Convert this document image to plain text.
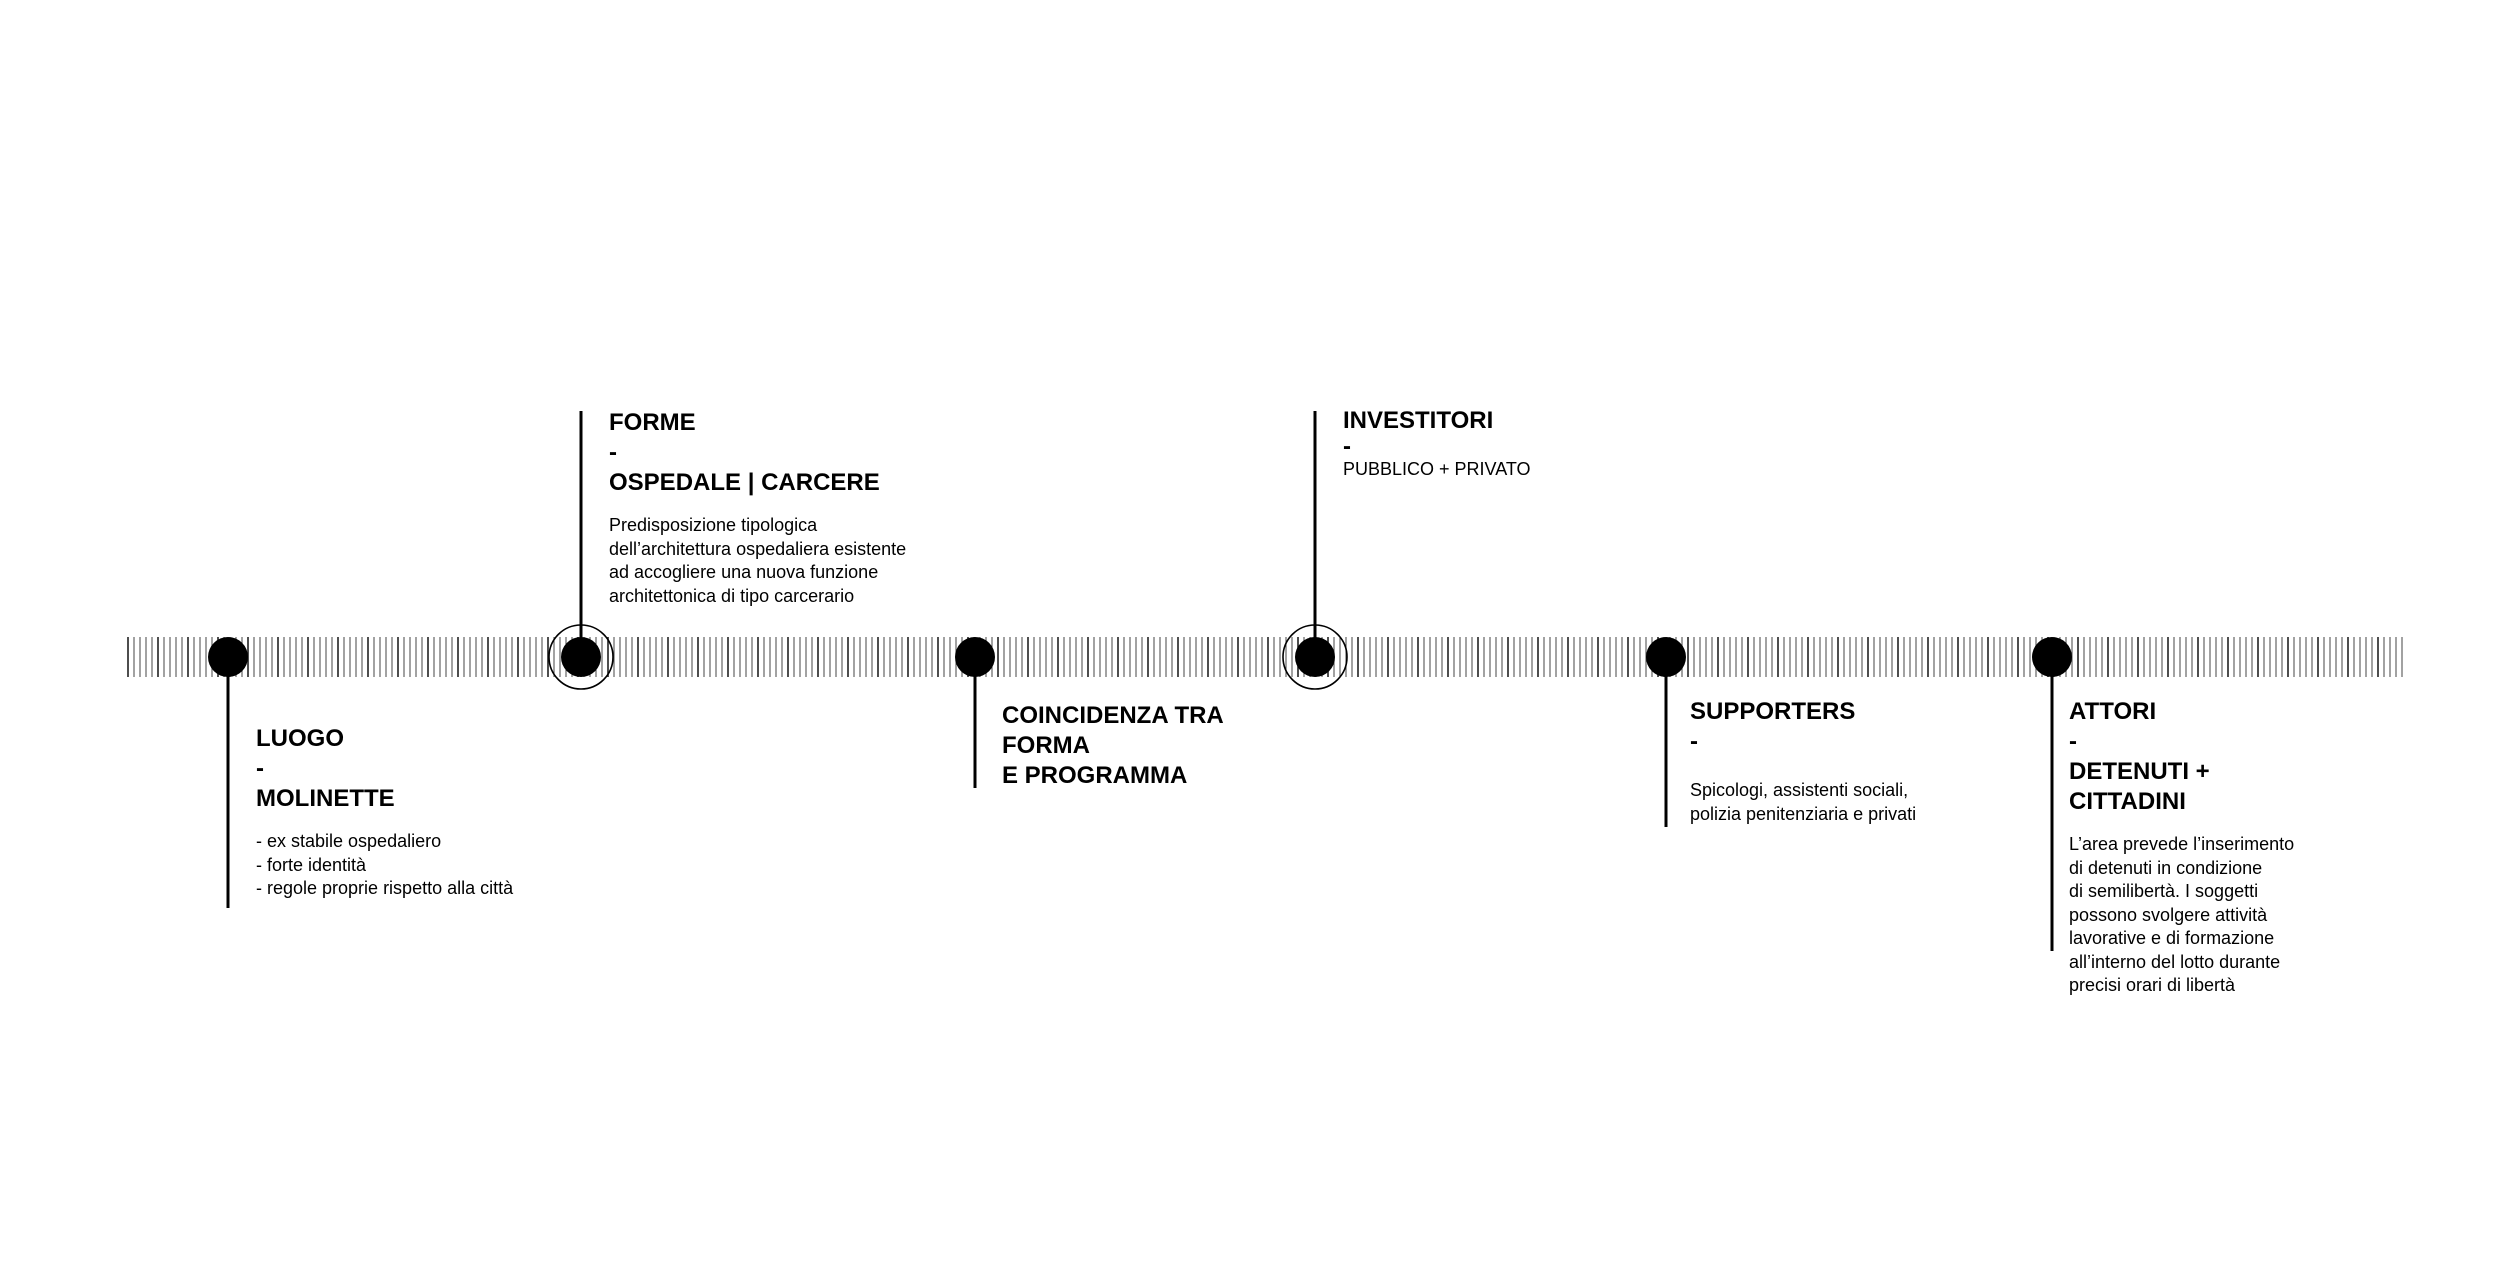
LUOGO
-
MOLINETTE
- ex stabile ospedaliero
- forte identità
- regole proprie rispetto alla città
FORME
-
OSPEDALE | CARCERE
Predisposizione tipologica
dell’architettura ospedaliera esistente
ad accogliere una nuova funzione
architettonica di tipo carcerario
COINCIDENZA TRA
FORMA
E PROGRAMMA
INVESTITORI
-
PUBBLICO + PRIVATO
SUPPORTERS
-
Spicologi, assistenti sociali,
polizia penitenziaria e privati
ATTORI
-
DETENUTI +
CITTADINI
L’area prevede l’inserimento
di detenuti in condizione
di semilibertà. I soggetti
possono svolgere attività
lavorative e di formazione
all’interno del lotto durante
precisi orari di libertà
